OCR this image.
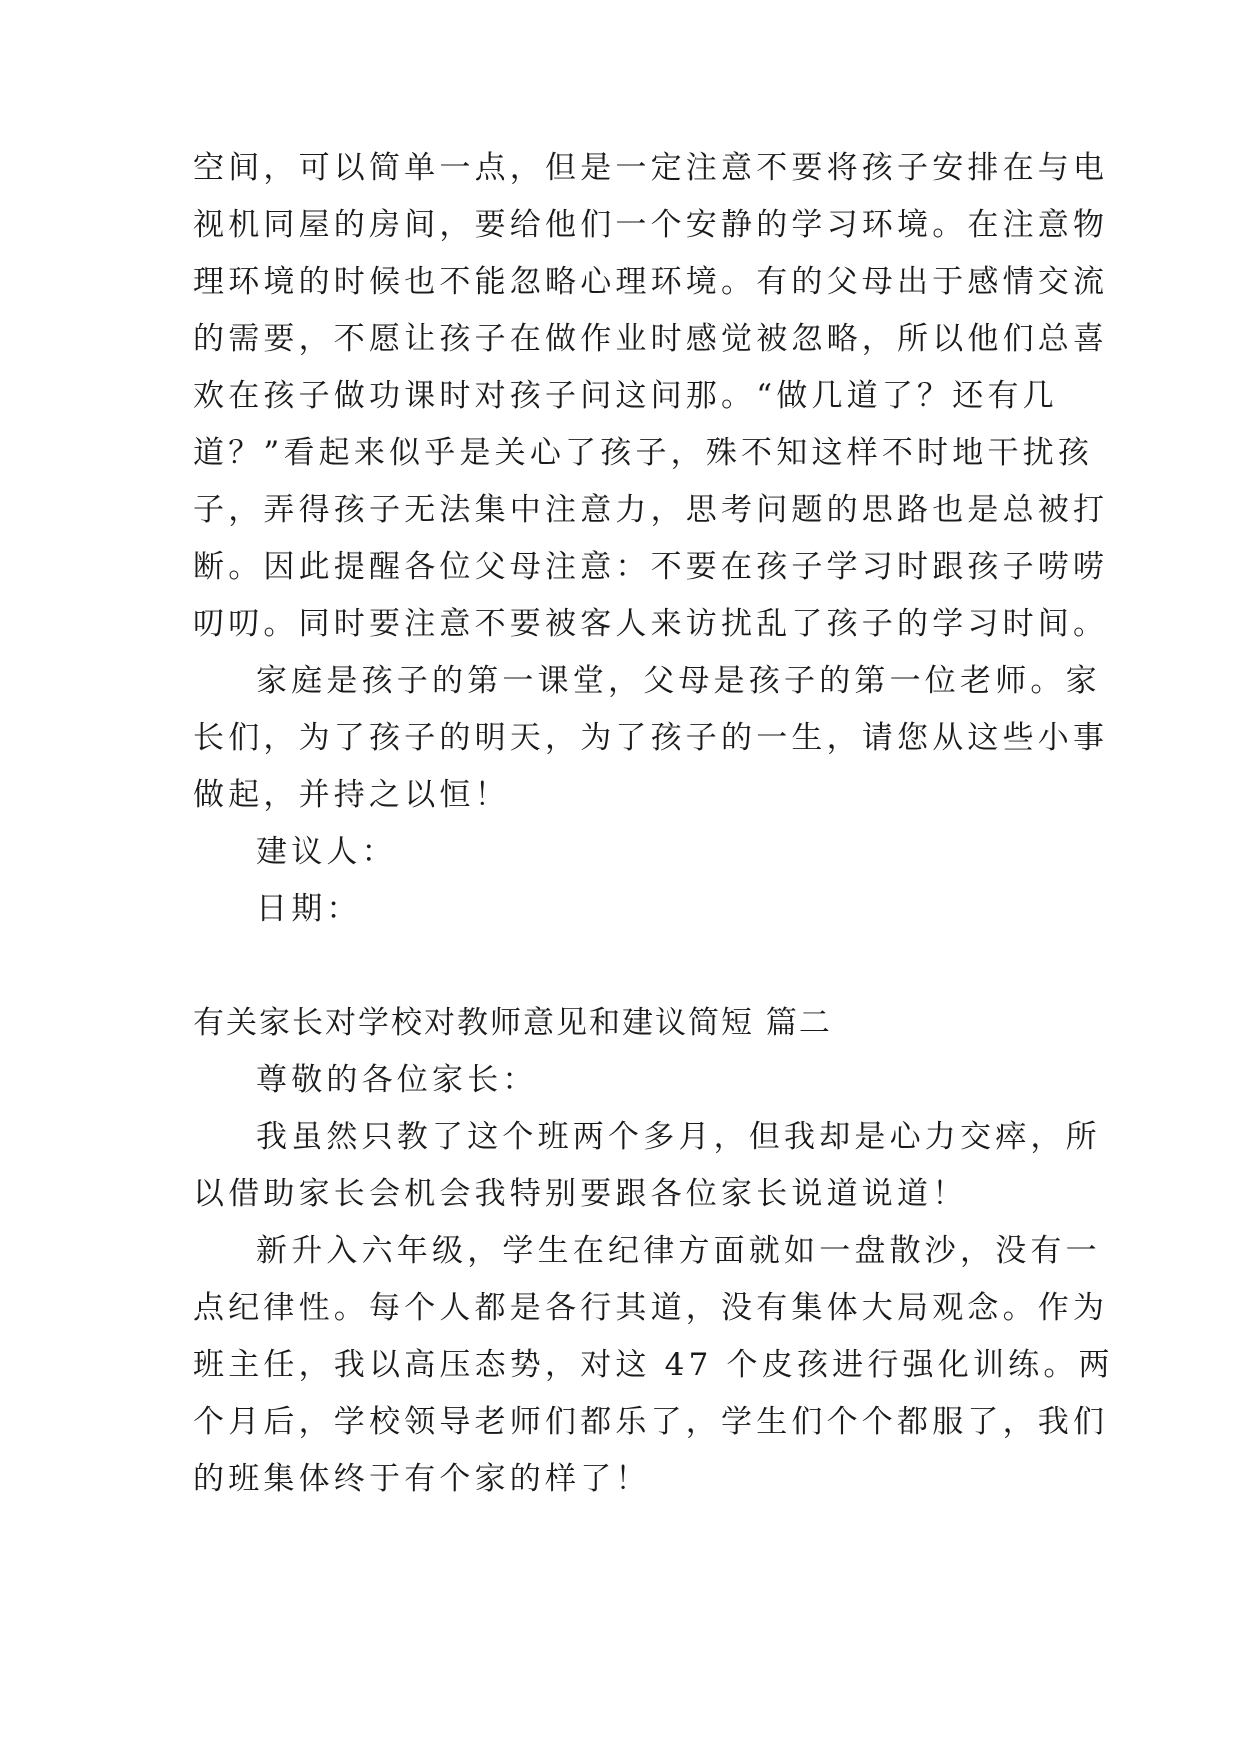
空间，可以简单一点，但是一定注意不要将孩子安排在与电
视机同屋的房间，要给他们一个安静的学习环境。在注意物
理环境的时候也不能忽略心理环境。有的父母出于感情交流
的需要，不愿让孩子在做作业时感觉被忽略，所以他们总喜
欢在孩子做功课时对孩子问这问那。“做几道了？还有几
道？”看起来似乎是关心了孩子，殊不知这样不时地干扰孩
子，弄得孩子无法集中注意力，思考问题的思路也是总被打
断。因此提醒各位父母注意：不要在孩子学习时跟孩子唠唠
叨叨。同时要注意不要被客人来访扰乱了孩子的学习时间。
家庭是孩子的第一课堂，父母是孩子的第一位老师。家
长们，为了孩子的明天，为了孩子的一生，请您从这些小事
做起，并持之以恒！
建议人：
日期：
有关家长对学校对教师意见和建议简短 篇二
尊敬的各位家长：
我虽然只教了这个班两个多月，但我却是心力交瘁，所
以借助家长会机会我特别要跟各位家长说道说道！
新升入六年级，学生在纪律方面就如一盘散沙，没有一
点纪律性。每个人都是各行其道，没有集体大局观念。作为
班主任，我以高压态势，对这 47 个皮孩进行强化训练。两
个月后，学校领导老师们都乐了，学生们个个都服了，我们
的班集体终于有个家的样了！
